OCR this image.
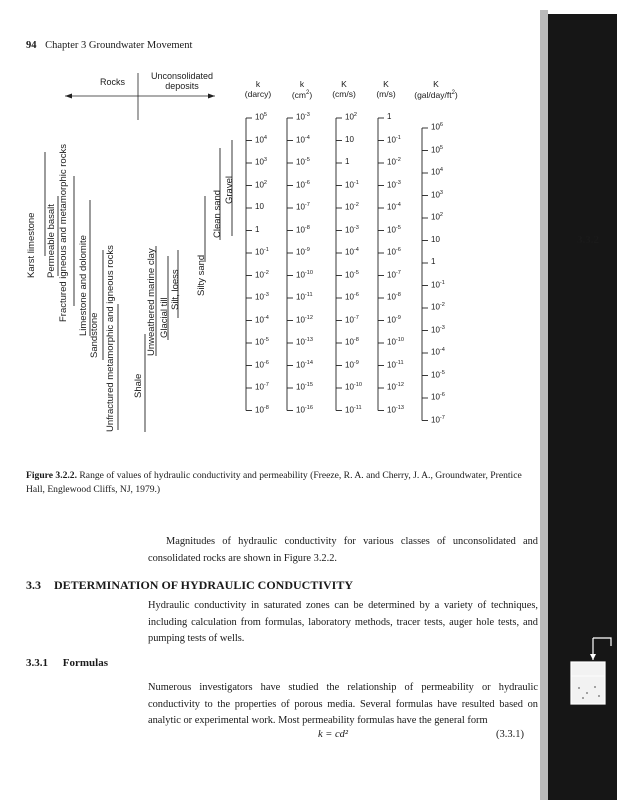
94 Chapter 3 Groundwater Movement
3.3.2
Rocks
Unconsolidated deposits
Karst limestone Permeable basalt Fractured igneous and metamorphic rocks Limestone and dolomite Sandstone Unfractured metamorphic and igneous rocks Shale
Unweathered marine clay Glacial till
Silt, loess Silty sand
Clean sand Gravel
k
(darcy)
k
$(cm^2)$
K
(cm/s)
K
(m/s)
K
$(gal/day/ft^2)$
$10^5$
$10^4$
$10^3$
$10^2$
10
1
$10^{-1}$
$10^{-2}$
$10^{-3}$
$10^{-4}$
$10^{-5}$
$10^{-6}$
$10^{-7}$
$10^{-8}$
$10^{-3}$
$10^{-4}$
$10^{-5}$
$10^{-6}$
$10^{-7}$
$10^{-8}$
$10^{-9}$
$10^{-10}$
$10^{-11}$
$10^{-12}$
$10^{-13}$
$10^{-14}$
$10^{-15}$
$10^{-16}$
$10^2$
10
1
$10^{-1}$
$10^{-2}$
$10^{-3}$
$10^{-4}$
$10^{-5}$
$10^{-6}$
$10^{-7}$
$10^{-8}$
$10^{-9}$
$10^{-10}$
$10^{-11}$
1
$10^{-1}$
$10^{-2}$
$10^{-3}$
$10^{-4}$
$10^{-5}$
$10^{-6}$
$10^{-7}$
$10^{-8}$
$10^{-9}$
$10^{-10}$
$10^{-11}$
$10^{-12}$
$10^{-13}$
$10^6$
$10^5$
$10^4$
$10^3$
$10^2$
10
1
$10^{-1}$
$10^{-2}$
$10^{-3}$
$10^{-4}$
$10^{-5}$
$10^{-6}$
$10^{-7}$
Figure 3.2.2. Range of values of hydraulic conductivity and permeability (Freeze, R. A. and Cherry, J. A., Groundwater, Prentice Hall, Englewood Cliffs, NJ, 1979.)
Magnitudes of hydraulic conductivity for various classes of unconsolidated and consolidated rocks are shown in Figure 3.2.2.
3.3 DETERMINATION OF HYDRAULIC CONDUCTIVITY
Hydraulic conductivity in saturated zones can be determined by a variety of techniques, including calculation from formulas, laboratory methods, tracer tests, auger hole tests, and pumping tests of wells.
3.3.1 Formulas
Numerous investigators have studied the relationship of permeability or hydraulic conductivity to the properties of porous media. Several formulas have resulted based on analytic or experimental work. Most permeability formulas have the general form
k = cd²	(3.3.1)
